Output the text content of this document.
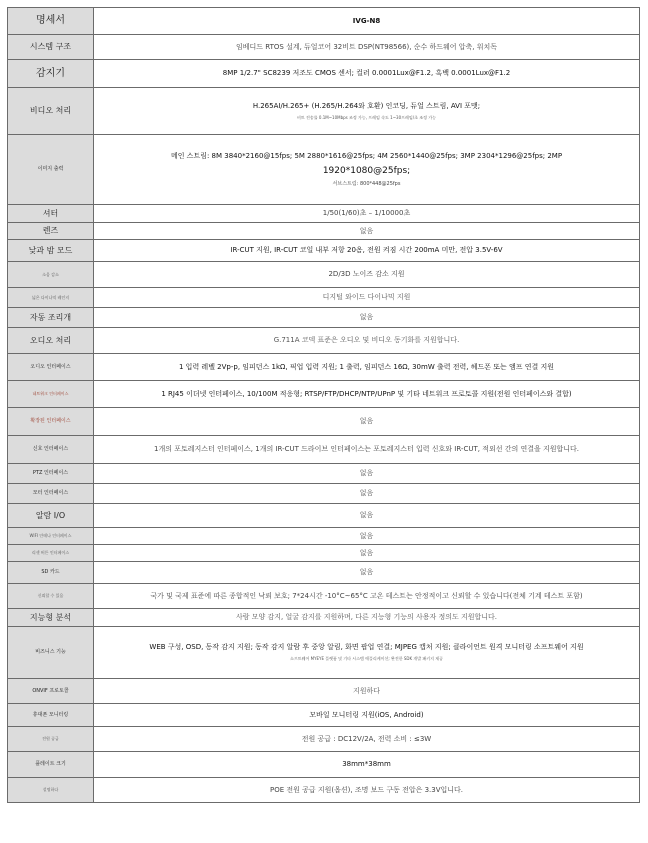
명세서	IVG-N8
시스템 구조	임베디드 RTOS 설계, 듀얼코어 32비트 DSP(NT98566), 순수 하드웨어 압축, 워치독
감지기	8MP 1/2.7" SC8239 저조도 CMOS 센서; 컬러 0.0001Lux@F1.2, 흑백 0.0001Lux@F1.2
비디오 처리	H.265AI/H.265+ (H.265/H.264와 호환) 인코딩, 듀얼 스트림, AVI 포맷;
비트 전송률 0.1M~10Mbps 조정 가능, 프레임 속도 1~30프레임/초 조정 가능

이미지 출력	메인 스트림: 8M 3840*2160@15fps; 5M 2880*1616@25fps; 4M 2560*1440@25fps; 3MP 2304*1296@25fps; 2MP
1920*1080@25fps;
서브스트림: 800*448@25fps

셔터	1/50(1/60)초 – 1/10000초
렌즈	없음
낮과 밤 모드	IR-CUT 지원, IR-CUT 코일 내부 저항 20옴, 전원 켜짐 시간 200mA 미만, 전압 3.5V-6V
소음 감소	2D/3D 노이즈 감소 지원
넓은 다이나믹 레인지	디지털 와이드 다이나믹 지원
자동 조리개	없음
오디오 처리	G.711A 코덱 표준은 오디오 및 비디오 동기화를 지원합니다.
오디오 인터페이스	1 입력 레벨 2Vp-p, 임피던스 1kΩ, 픽업 입력 지원; 1 출력, 임피던스 16Ω, 30mW 출력 전력, 헤드폰 또는 앰프 연결 지원
네트워크 인터페이스	1 RJ45 이더넷 인터페이스, 10/100M 적응형; RTSP/FTP/DHCP/NTP/UPnP 및 기타 네트워크 프로토콜 지원(전원 인터페이스와 결합)
확장된 인터페이스	없음
신호 인터페이스	1개의 포토레지스터 인터페이스, 1개의 IR-CUT 드라이브 인터페이스는 포토레지스터 입력 신호와 IR-CUT, 적외선 간의 연결을 지원합니다.
PTZ 인터페이스	없음
모터 인터페이스	없음
알람 I/O	없음
WIFI 안테나 인터페이스	없음
리셋 버튼 인터페이스	없음
SD 카드	없음
신뢰할 수 있음	국가 및 국제 표준에 따른 종합적인 낙뢰 보호; 7*24시간 -10°C~65°C 고온 테스트는 안정적이고 신뢰할 수 있습니다(전체 기계 테스트 포함)
지능형 분석	사람 모양 감지, 얼굴 감지를 지원하며, 다른 지능형 기능의 사용자 정의도 지원합니다.
비즈니스 기능	WEB 구성, OSD, 동작 감지 지원; 동작 감지 알람 후 중앙 알림, 화면 팝업 연결; MJPEG 캡처 지원; 클라이언트 원격 모니터링 소프트웨어 지원
소프트웨어 MYEYE 플랫폼 및 기타 시스템 애플리케이션; 완전한 SDK 개발 패키지 제공

ONVIF 프로토콜	지원하다
휴대폰 모니터링	모바일 모니터링 지원(iOS, Android)
전원 공급	전원 공급 : DC12V/2A, 전력 소비 : ≤3W
플레이트 크기	38mm*38mm
설명하다	POE 전원 공급 지원(옵션), 조명 보드 구동 전압은 3.3V입니다.
